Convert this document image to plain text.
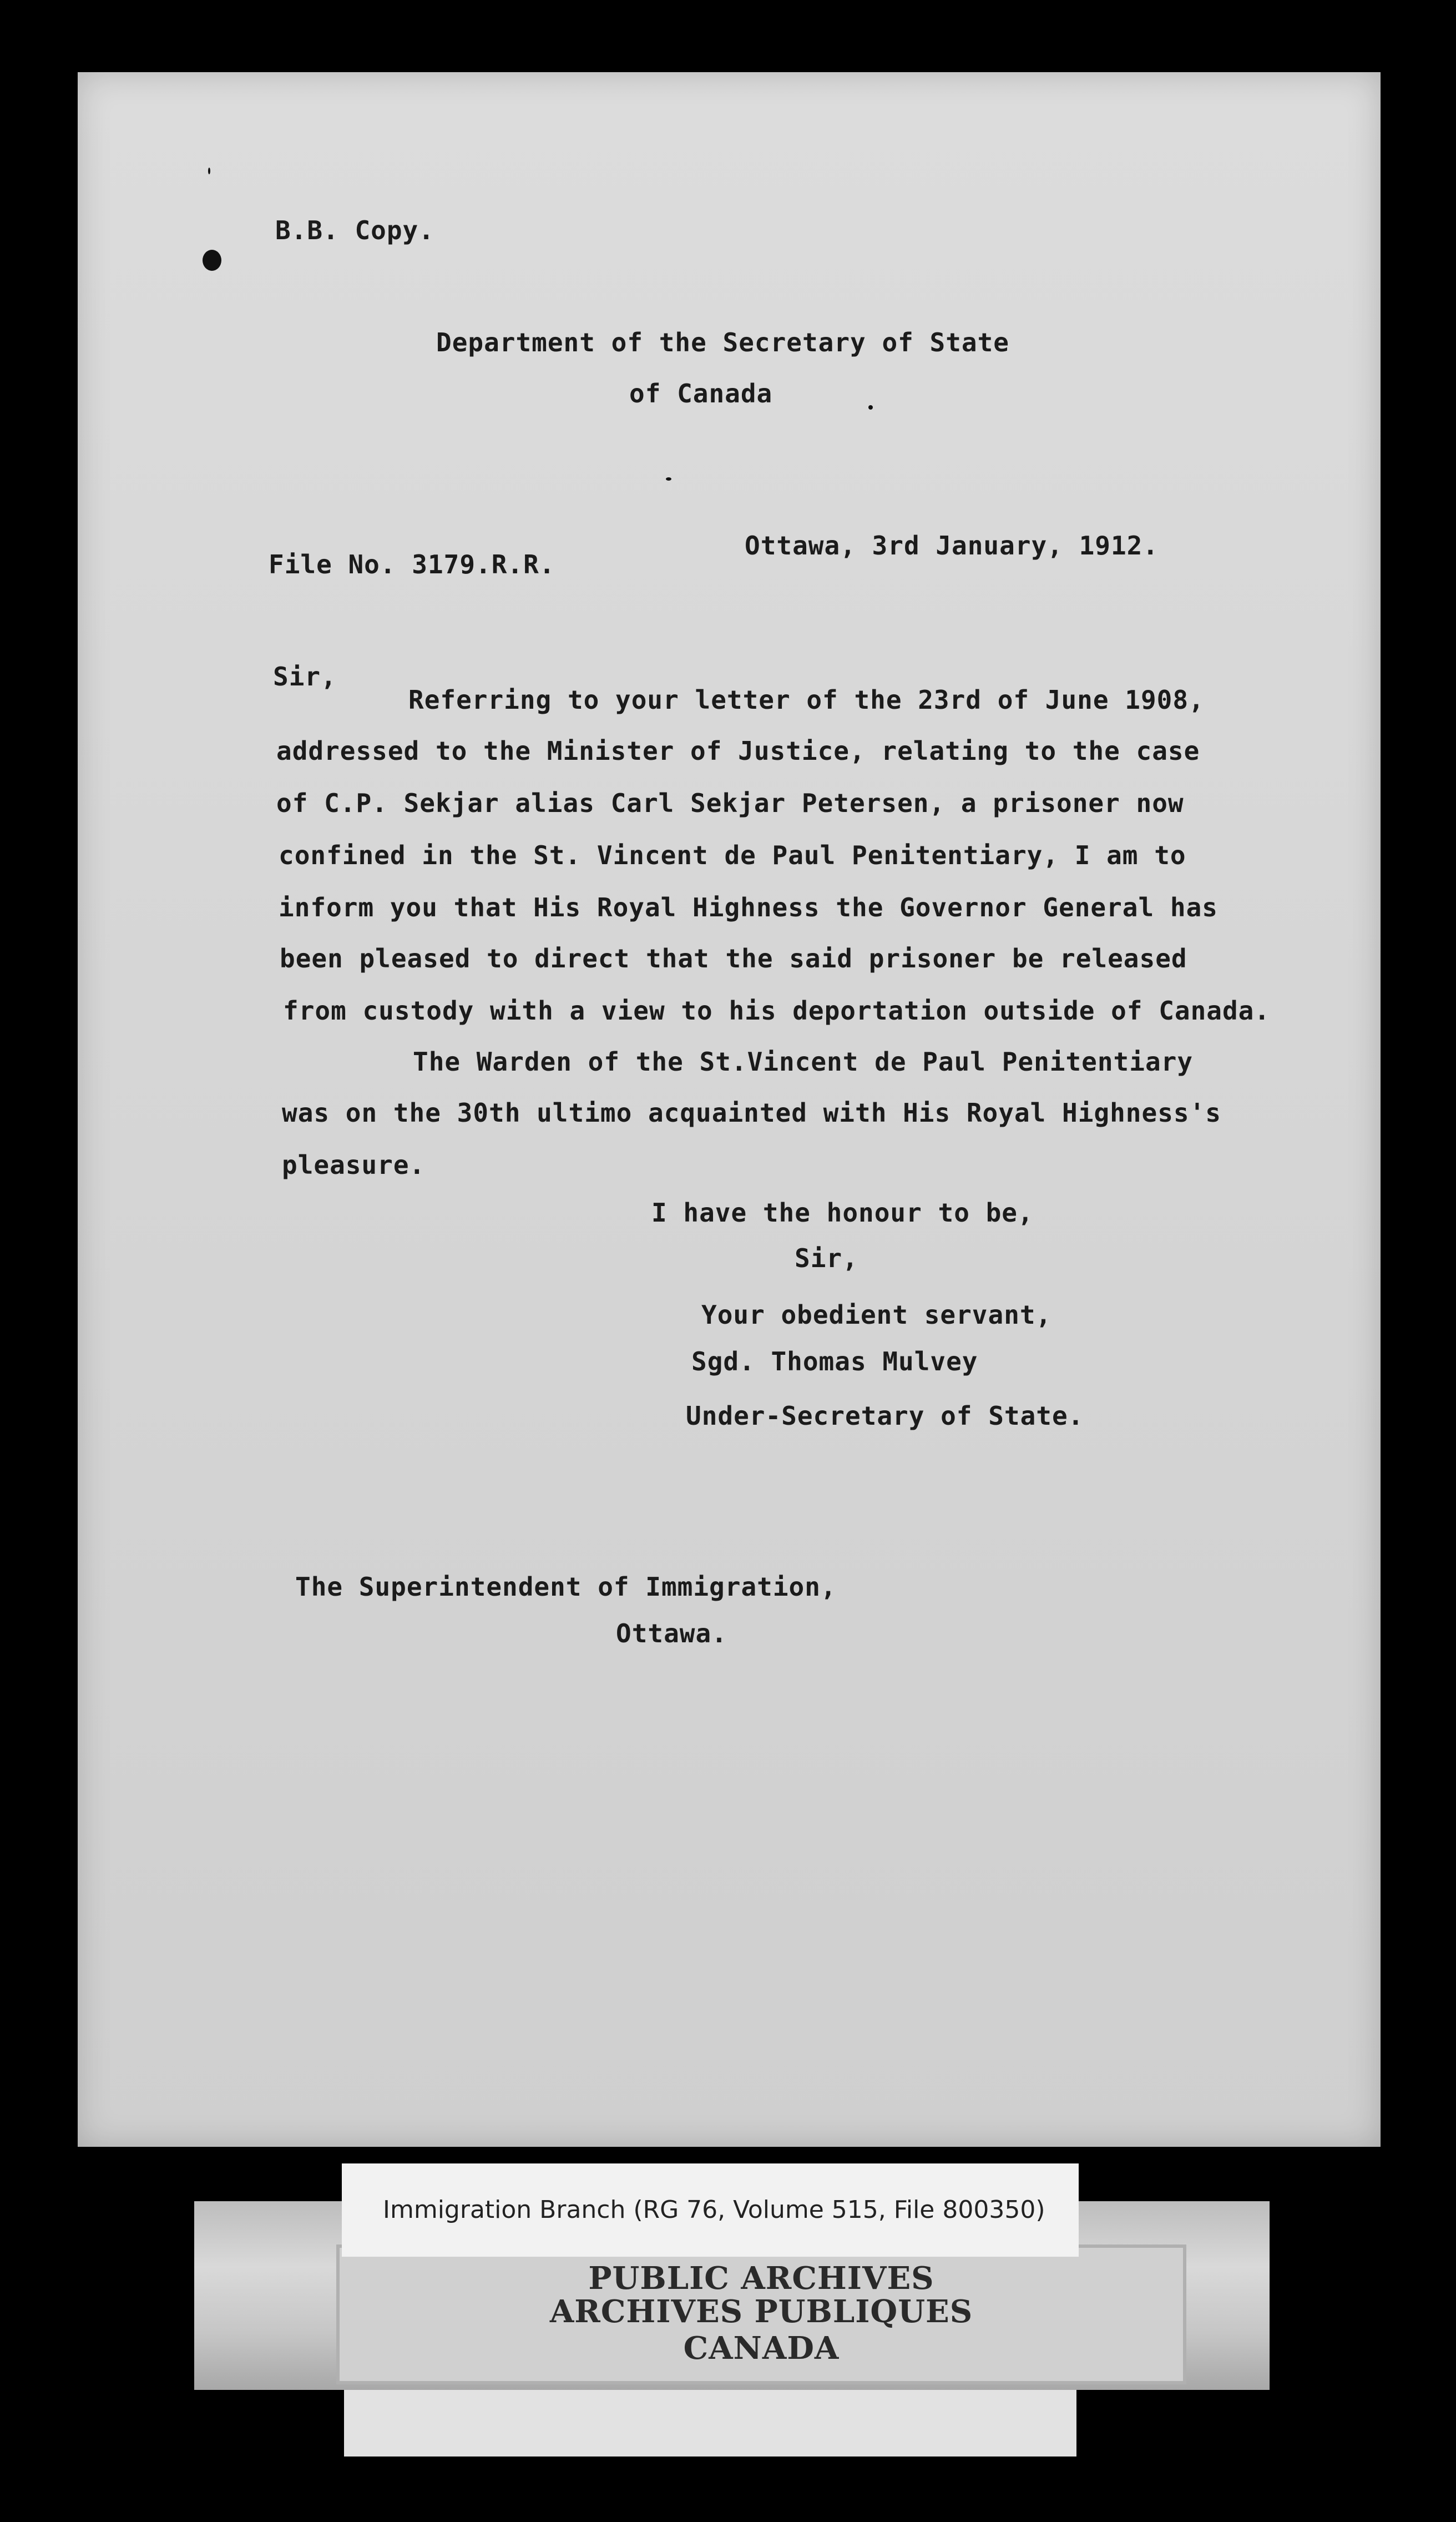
B.B. Copy.
Department of the Secretary of State
of Canada
File No. 3179.R.R.
Ottawa, 3rd January, 1912.
Sir,
Referring to your letter of the 23rd of June 1908,
addressed to the Minister of Justice, relating to the case
of C.P. Sekjar alias Carl Sekjar Petersen, a prisoner now
confined in the St. Vincent de Paul Penitentiary, I am to
inform you that His Royal Highness the Governor General has
been pleased to direct that the said prisoner be released
from custody with a view to his deportation outside of Canada.
The Warden of the St.Vincent de Paul Penitentiary
was on the 30th ultimo acquainted with His Royal Highness's
pleasure.
I have the honour to be,
Sir,
Your obedient servant,
Sgd. Thomas Mulvey
Under-Secretary of State.
The Superintendent of Immigration,
Ottawa.
PUBLIC ARCHIVES
ARCHIVES PUBLIQUES
CANADA
Immigration Branch (RG 76, Volume 515, File 800350)
